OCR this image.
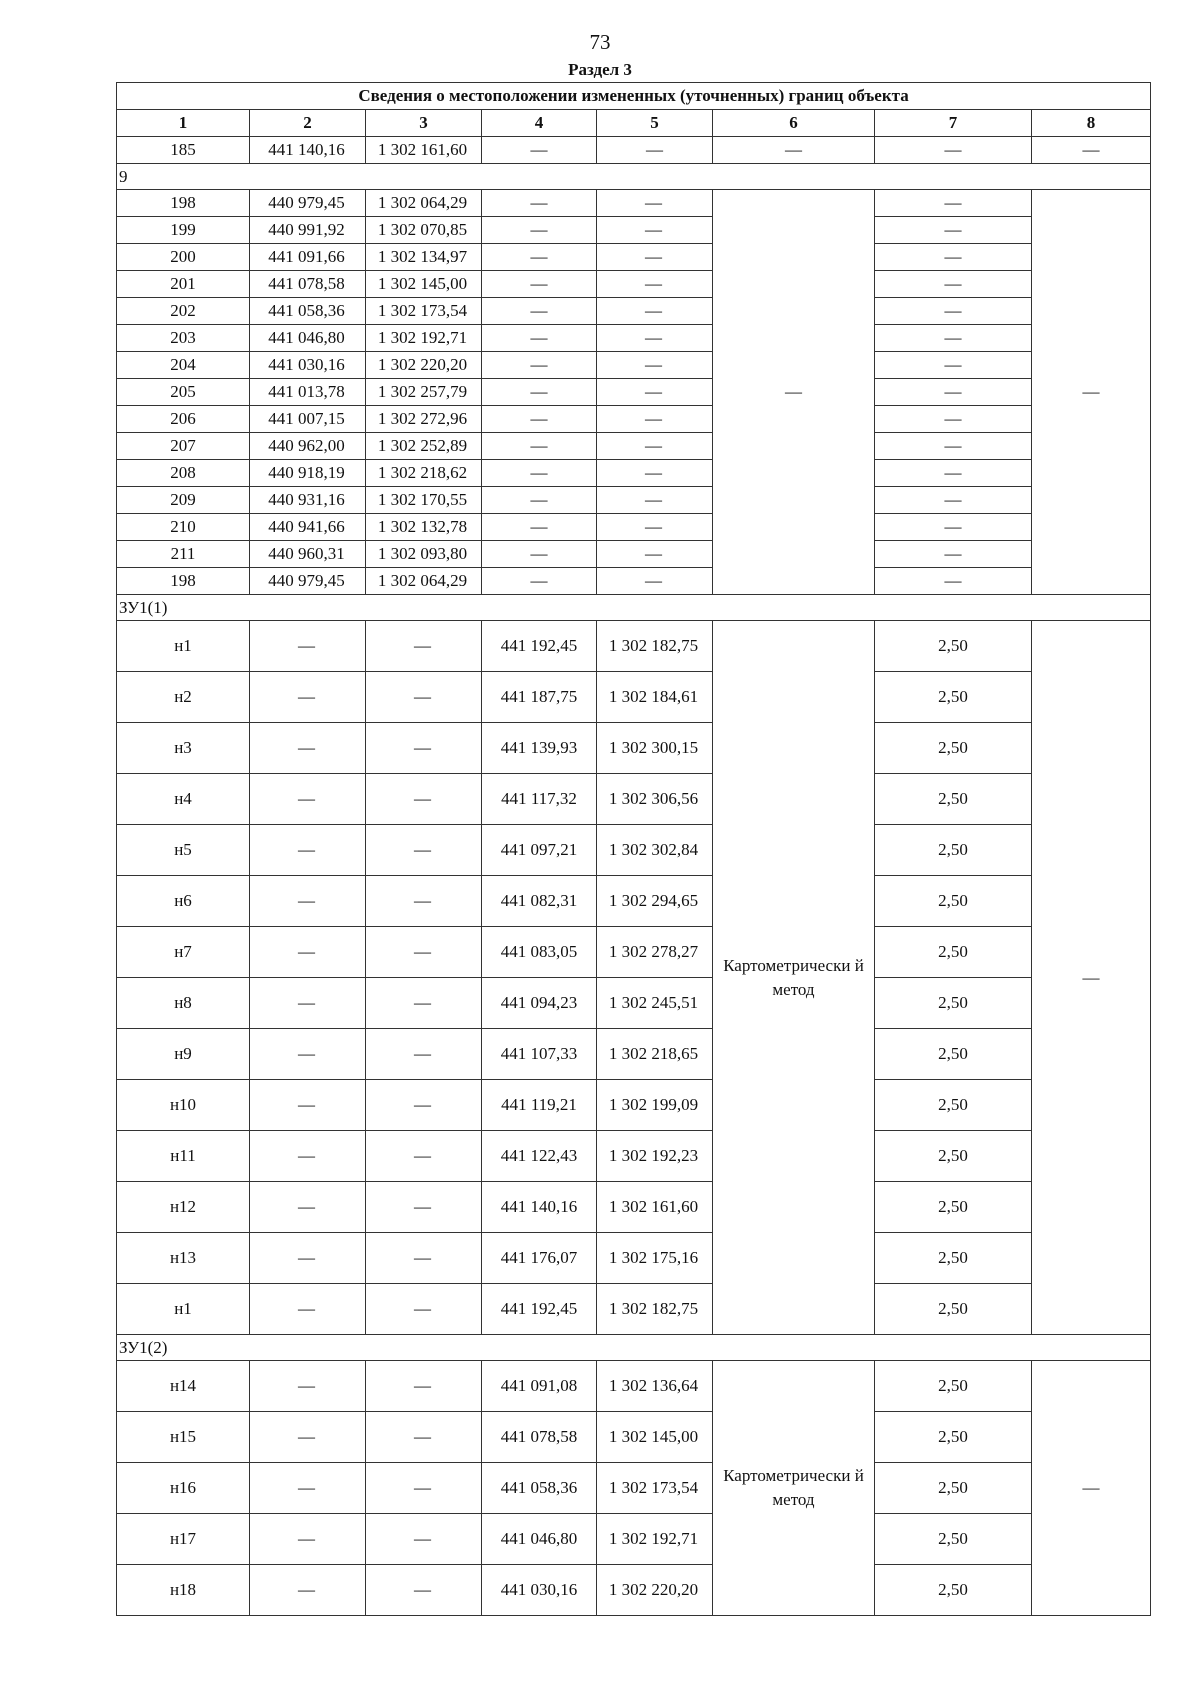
73
Раздел 3
Сведения о местоположении измененных (уточненных) границ объекта							
1	2	3	4	5	6	7	8
185	441 140,16	1 302 161,60	—	—	—	—	—
9							
198	440 979,45	1 302 064,29	—	—	—	—	—
199	440 991,92	1 302 070,85	—	—		—	
200	441 091,66	1 302 134,97	—	—		—	
201	441 078,58	1 302 145,00	—	—		—	
202	441 058,36	1 302 173,54	—	—		—	
203	441 046,80	1 302 192,71	—	—		—	
204	441 030,16	1 302 220,20	—	—		—	
205	441 013,78	1 302 257,79	—	—		—	
206	441 007,15	1 302 272,96	—	—		—	
207	440 962,00	1 302 252,89	—	—		—	
208	440 918,19	1 302 218,62	—	—		—	
209	440 931,16	1 302 170,55	—	—		—	
210	440 941,66	1 302 132,78	—	—		—	
211	440 960,31	1 302 093,80	—	—		—	
198	440 979,45	1 302 064,29	—	—		—	
ЗУ1(1)							
н1	—	—	441 192,45	1 302 182,75	Картометрически й метод	2,50	—
н2	—	—	441 187,75	1 302 184,61		2,50	
н3	—	—	441 139,93	1 302 300,15		2,50	
н4	—	—	441 117,32	1 302 306,56		2,50	
н5	—	—	441 097,21	1 302 302,84		2,50	
н6	—	—	441 082,31	1 302 294,65		2,50	
н7	—	—	441 083,05	1 302 278,27		2,50	
н8	—	—	441 094,23	1 302 245,51		2,50	
н9	—	—	441 107,33	1 302 218,65		2,50	
н10	—	—	441 119,21	1 302 199,09		2,50	
н11	—	—	441 122,43	1 302 192,23		2,50	
н12	—	—	441 140,16	1 302 161,60		2,50	
н13	—	—	441 176,07	1 302 175,16		2,50	
н1	—	—	441 192,45	1 302 182,75		2,50	
ЗУ1(2)							
н14	—	—	441 091,08	1 302 136,64	Картометрически й метод	2,50	—
н15	—	—	441 078,58	1 302 145,00		2,50	
н16	—	—	441 058,36	1 302 173,54		2,50	
н17	—	—	441 046,80	1 302 192,71		2,50	
н18	—	—	441 030,16	1 302 220,20		2,50	
